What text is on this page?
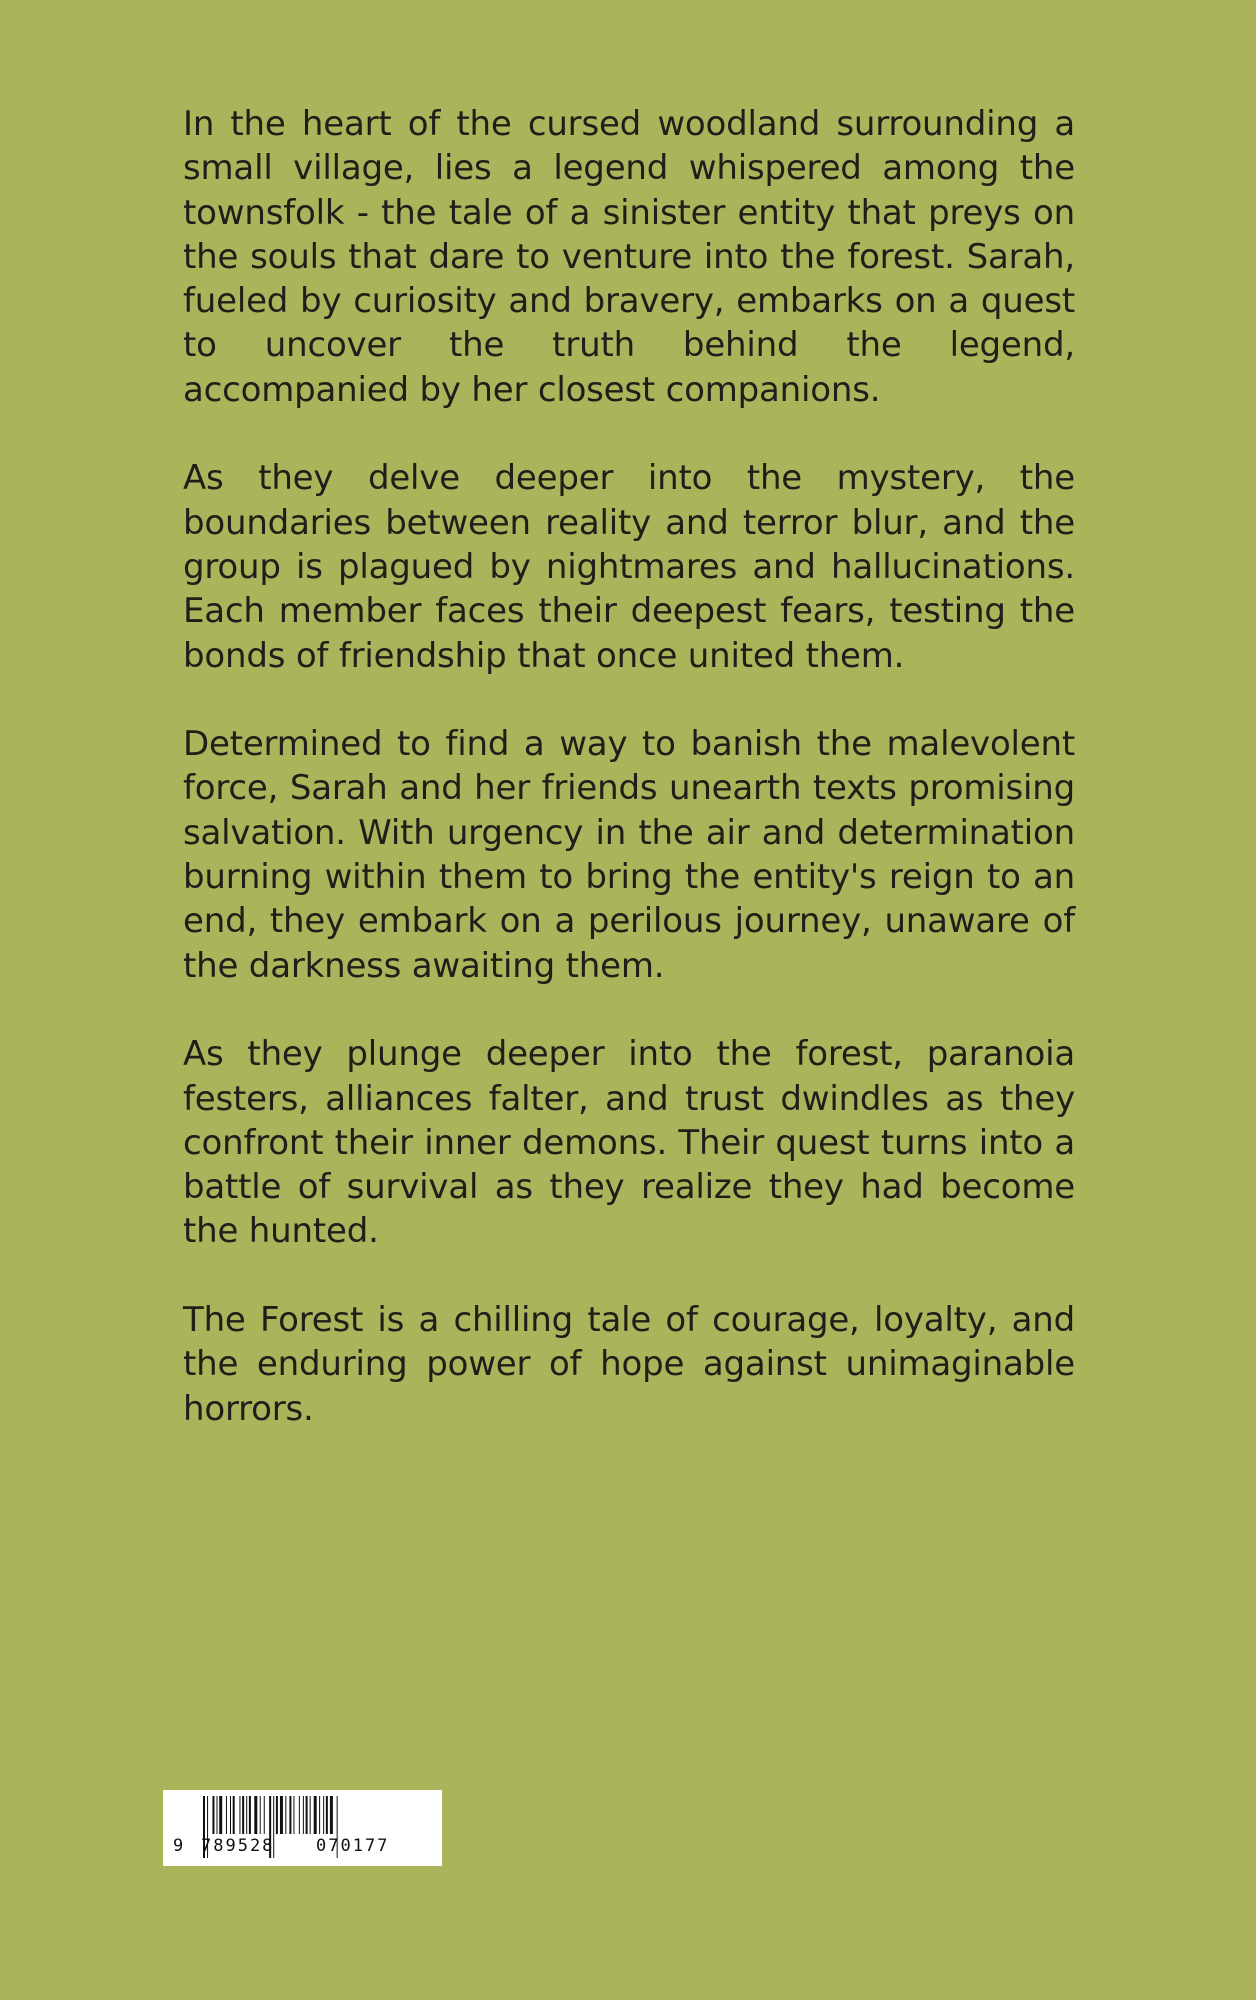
In the heart of the cursed woodland surrounding a small village, lies a legend whispered among the townsfolk - the tale of a sinister entity that preys on the souls that dare to venture into the forest. Sarah, fueled by curiosity and bravery, embarks on a quest to uncover the truth behind the legend, accompanied by her closest companions.

As they delve deeper into the mystery, the boundaries between reality and terror blur, and the group is plagued by nightmares and hallucinations. Each member faces their deepest fears, testing the bonds of friendship that once united them.

Determined to find a way to banish the malevolent force, Sarah and her friends unearth texts promising salvation. With urgency in the air and determination burning within them to bring the entity's reign to an end, they embark on a perilous journey, unaware of the darkness awaiting them.

As they plunge deeper into the forest, paranoia festers, alliances falter, and trust dwindles as they confront their inner demons. Their quest turns into a battle of survival as they realize they had become the hunted.

The Forest is a chilling tale of courage, loyalty, and the enduring power of hope against unimaginable horrors.

9 789528 070177
